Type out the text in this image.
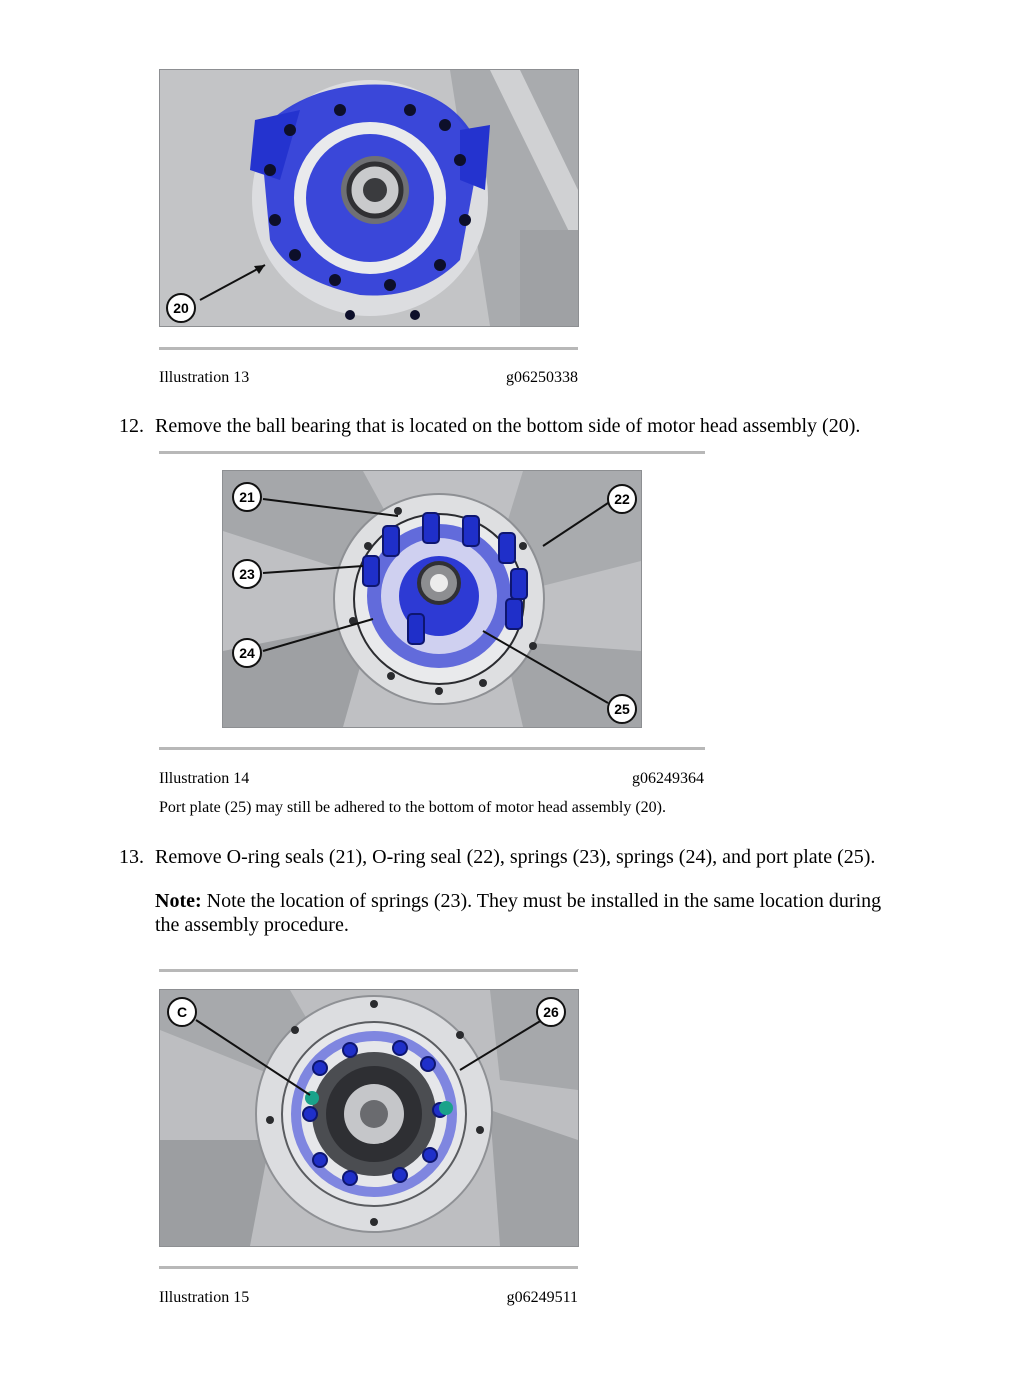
20
Illustration 13	g06250338
12. Remove the ball bearing that is located on the bottom side of motor head assembly (20).
21	22
23
24
25
Illustration 14	g06249364
Port plate (25) may still be adhered to the bottom of motor head assembly (20).
13. Remove O-ring seals (21), O-ring seal (22), springs (23), springs (24), and port plate (25).
Note: Note the location of springs (23). They must be installed in the same location during
the assembly procedure.
C	26
Illustration 15	g06249511
